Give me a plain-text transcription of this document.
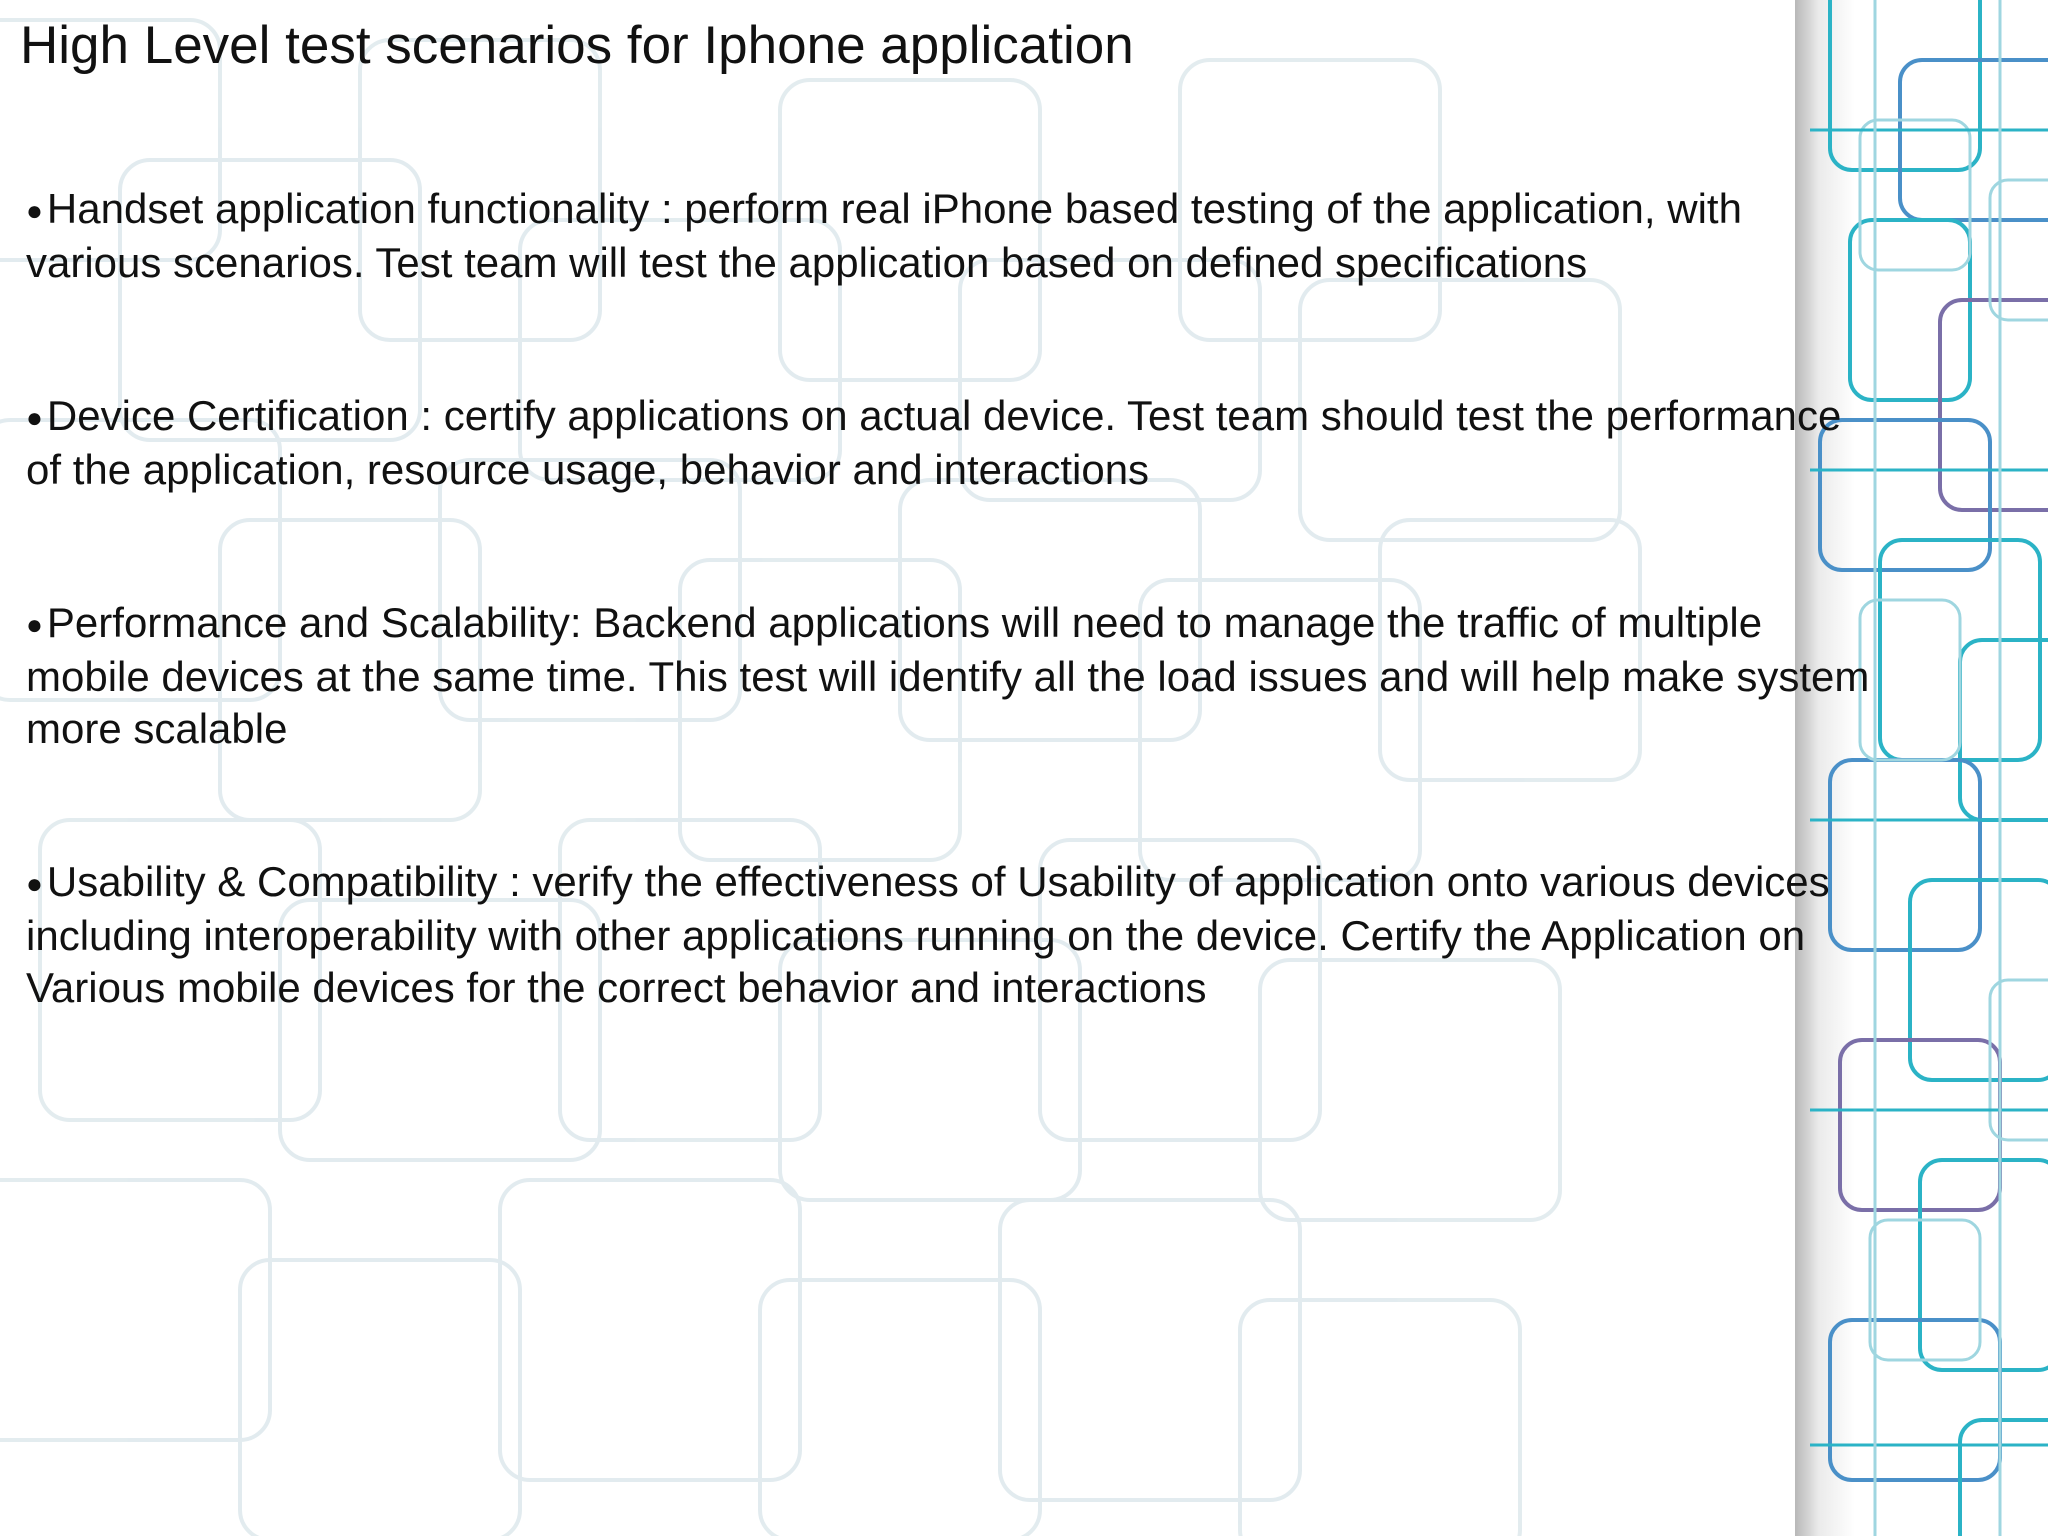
High Level test scenarios for Iphone application
●Handset application functionality : perform real iPhone based testing of the application, with
various scenarios. Test team will test the application based on defined specifications
●Device Certification : certify applications on actual device. Test team should test the performance
of the application, resource usage, behavior and interactions
●Performance and Scalability: Backend applications will need to manage the traffic of multiple
mobile devices at the same time. This test will identify all the load issues and will help make system
more scalable
●Usability & Compatibility : verify the effectiveness of Usability of application onto various devices
including interoperability with other applications running on the device. Certify the Application on
Various mobile devices for the correct behavior and interactions
